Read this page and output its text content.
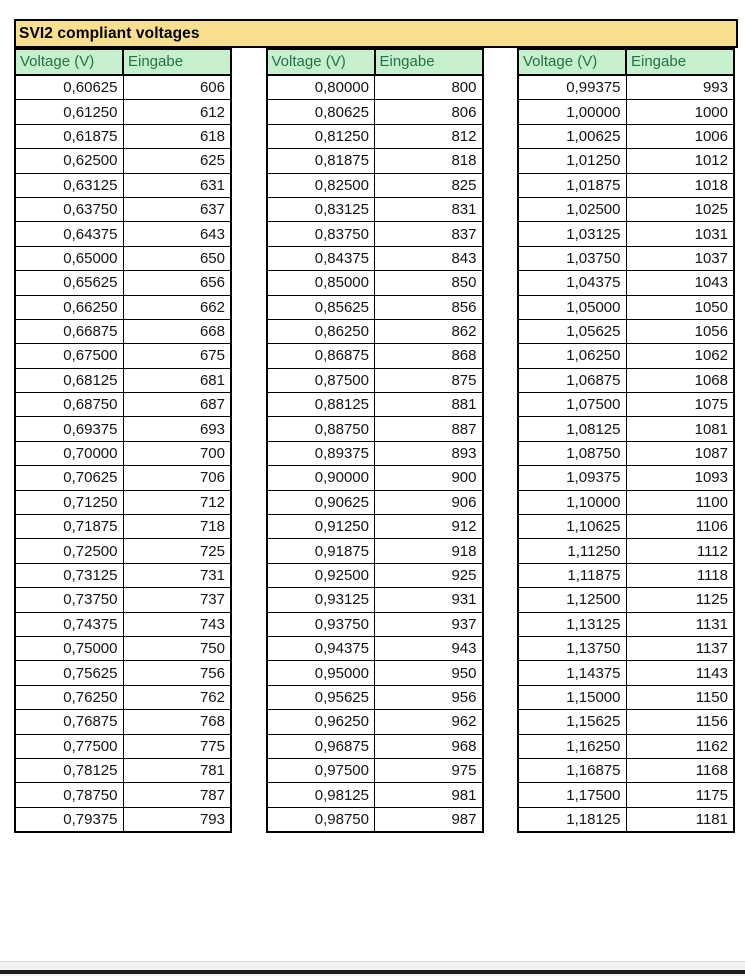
SVI2 compliant voltages
Voltage (V)	Eingabe
0,60625	606
0,61250	612
0,61875	618
0,62500	625
0,63125	631
0,63750	637
0,64375	643
0,65000	650
0,65625	656
0,66250	662
0,66875	668
0,67500	675
0,68125	681
0,68750	687
0,69375	693
0,70000	700
0,70625	706
0,71250	712
0,71875	718
0,72500	725
0,73125	731
0,73750	737
0,74375	743
0,75000	750
0,75625	756
0,76250	762
0,76875	768
0,77500	775
0,78125	781
0,78750	787
0,79375	793
Voltage (V)	Eingabe
0,80000	800
0,80625	806
0,81250	812
0,81875	818
0,82500	825
0,83125	831
0,83750	837
0,84375	843
0,85000	850
0,85625	856
0,86250	862
0,86875	868
0,87500	875
0,88125	881
0,88750	887
0,89375	893
0,90000	900
0,90625	906
0,91250	912
0,91875	918
0,92500	925
0,93125	931
0,93750	937
0,94375	943
0,95000	950
0,95625	956
0,96250	962
0,96875	968
0,97500	975
0,98125	981
0,98750	987
Voltage (V)	Eingabe
0,99375	993
1,00000	1000
1,00625	1006
1,01250	1012
1,01875	1018
1,02500	1025
1,03125	1031
1,03750	1037
1,04375	1043
1,05000	1050
1,05625	1056
1,06250	1062
1,06875	1068
1,07500	1075
1,08125	1081
1,08750	1087
1,09375	1093
1,10000	1100
1,10625	1106
1,11250	1112
1,11875	1118
1,12500	1125
1,13125	1131
1,13750	1137
1,14375	1143
1,15000	1150
1,15625	1156
1,16250	1162
1,16875	1168
1,17500	1175
1,18125	1181
